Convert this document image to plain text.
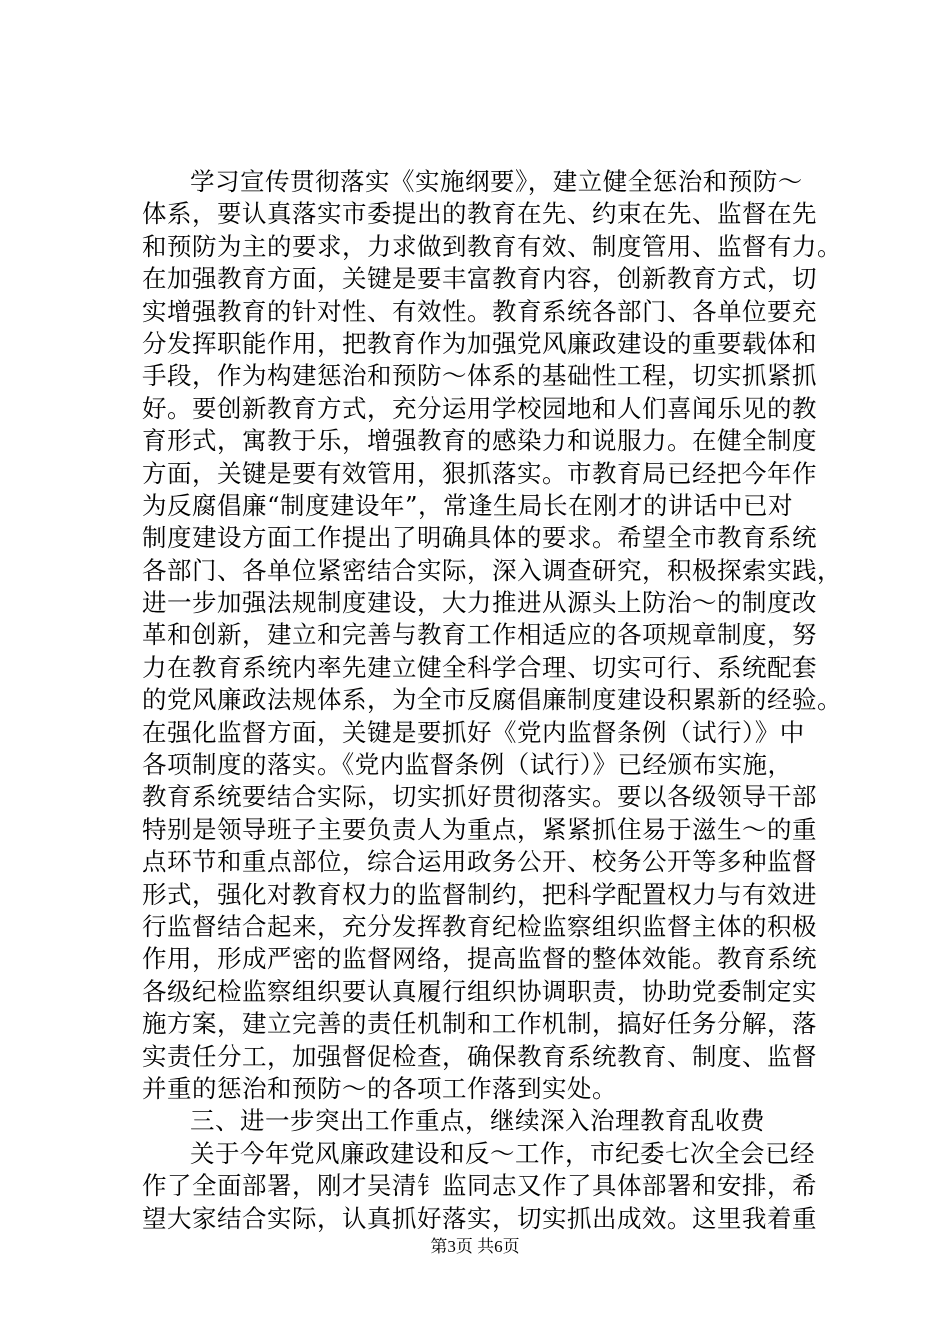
学习宣传贯彻落实《实施纲要》，建立健全惩治和预防～
体系，要认真落实市委提出的教育在先、约束在先、监督在先
和预防为主的要求，力求做到教育有效、制度管用、监督有力。
在加强教育方面，关键是要丰富教育内容，创新教育方式，切
实增强教育的针对性、有效性。教育系统各部门、各单位要充
分发挥职能作用，把教育作为加强党风廉政建设的重要载体和
手段，作为构建惩治和预防～体系的基础性工程，切实抓紧抓
好。要创新教育方式，充分运用学校园地和人们喜闻乐见的教
育形式，寓教于乐，增强教育的感染力和说服力。在健全制度
方面，关键是要有效管用，狠抓落实。市教育局已经把今年作
为反腐倡廉“制度建设年”，常逢生局长在刚才的讲话中已对
制度建设方面工作提出了明确具体的要求。希望全市教育系统
各部门、各单位紧密结合实际，深入调查研究，积极探索实践，
进一步加强法规制度建设，大力推进从源头上防治～的制度改
革和创新，建立和完善与教育工作相适应的各项规章制度，努
力在教育系统内率先建立健全科学合理、切实可行、系统配套
的党风廉政法规体系，为全市反腐倡廉制度建设积累新的经验。
在强化监督方面，关键是要抓好《党内监督条例（试行）》中
各项制度的落实。《党内监督条例（试行）》已经颁布实施，
教育系统要结合实际，切实抓好贯彻落实。要以各级领导干部
特别是领导班子主要负责人为重点，紧紧抓住易于滋生～的重
点环节和重点部位，综合运用政务公开、校务公开等多种监督
形式，强化对教育权力的监督制约，把科学配置权力与有效进
行监督结合起来，充分发挥教育纪检监察组织监督主体的积极
作用，形成严密的监督网络，提高监督的整体效能。教育系统
各级纪检监察组织要认真履行组织协调职责，协助党委制定实
施方案，建立完善的责任机制和工作机制，搞好任务分解，落
实责任分工，加强督促检查，确保教育系统教育、制度、监督
并重的惩治和预防～的各项工作落到实处。
三、进一步突出工作重点，继续深入治理教育乱收费
关于今年党风廉政建设和反～工作，市纪委七次全会已经
作了全面部署，刚才吴清钅监同志又作了具体部署和安排，希
望大家结合实际，认真抓好落实，切实抓出成效。这里我着重
第3页 共6页
